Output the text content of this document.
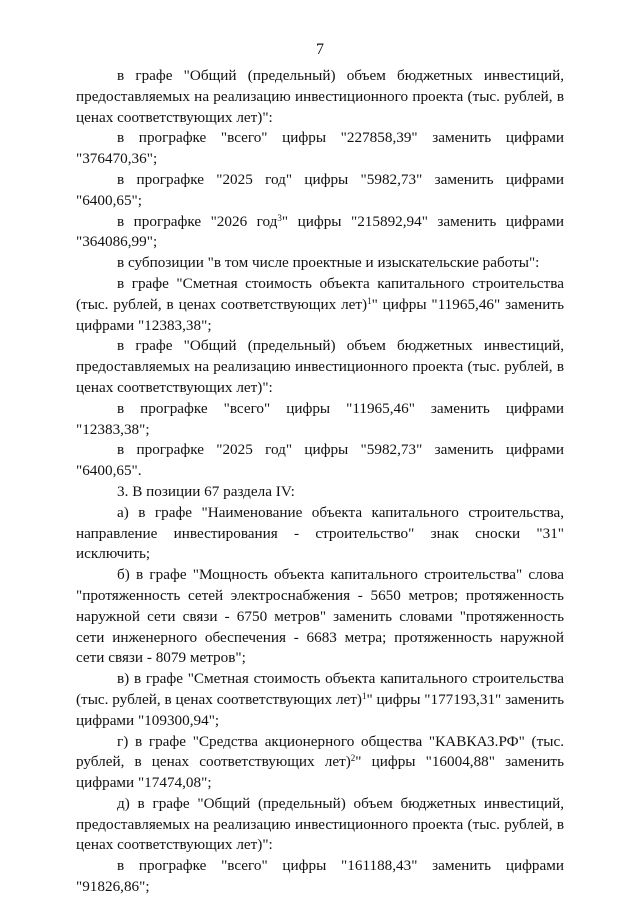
7

в графе "Общий (предельный) объем бюджетных инвестиций, предоставляемых на реализацию инвестиционного проекта (тыс. рублей, в ценах соответствующих лет)":

в прографке "всего" цифры "227858,39" заменить цифрами "376470,36";

в прографке "2025 год" цифры "5982,73" заменить цифрами "6400,65";

в прографке "2026 год$^3$" цифры "215892,94" заменить цифрами "364086,99";

в субпозиции "в том числе проектные и изыскательские работы":

в графе "Сметная стоимость объекта капитального строительства (тыс. рублей, в ценах соответствующих лет)$^1$" цифры "11965,46" заменить цифрами "12383,38";

в графе "Общий (предельный) объем бюджетных инвестиций, предоставляемых на реализацию инвестиционного проекта (тыс. рублей, в ценах соответствующих лет)":

в прографке "всего" цифры "11965,46" заменить цифрами "12383,38";

в прографке "2025 год" цифры "5982,73" заменить цифрами "6400,65".

3. В позиции 67 раздела IV:

а) в графе "Наименование объекта капитального строительства, направление инвестирования - строительство" знак сноски "31" исключить;

б) в графе "Мощность объекта капитального строительства" слова "протяженность сетей электроснабжения - 5650 метров; протяженность наружной сети связи - 6750 метров" заменить словами "протяженность сети инженерного обеспечения - 6683 метра; протяженность наружной сети связи - 8079 метров";

в) в графе "Сметная стоимость объекта капитального строительства (тыс. рублей, в ценах соответствующих лет)$^1$" цифры "177193,31" заменить цифрами "109300,94";

г) в графе "Средства акционерного общества "КАВКАЗ.РФ" (тыс. рублей, в ценах соответствующих лет)$^2$" цифры "16004,88" заменить цифрами "17474,08";

д) в графе "Общий (предельный) объем бюджетных инвестиций, предоставляемых на реализацию инвестиционного проекта (тыс. рублей, в ценах соответствующих лет)":

в прографке "всего" цифры "161188,43" заменить цифрами "91826,86";
